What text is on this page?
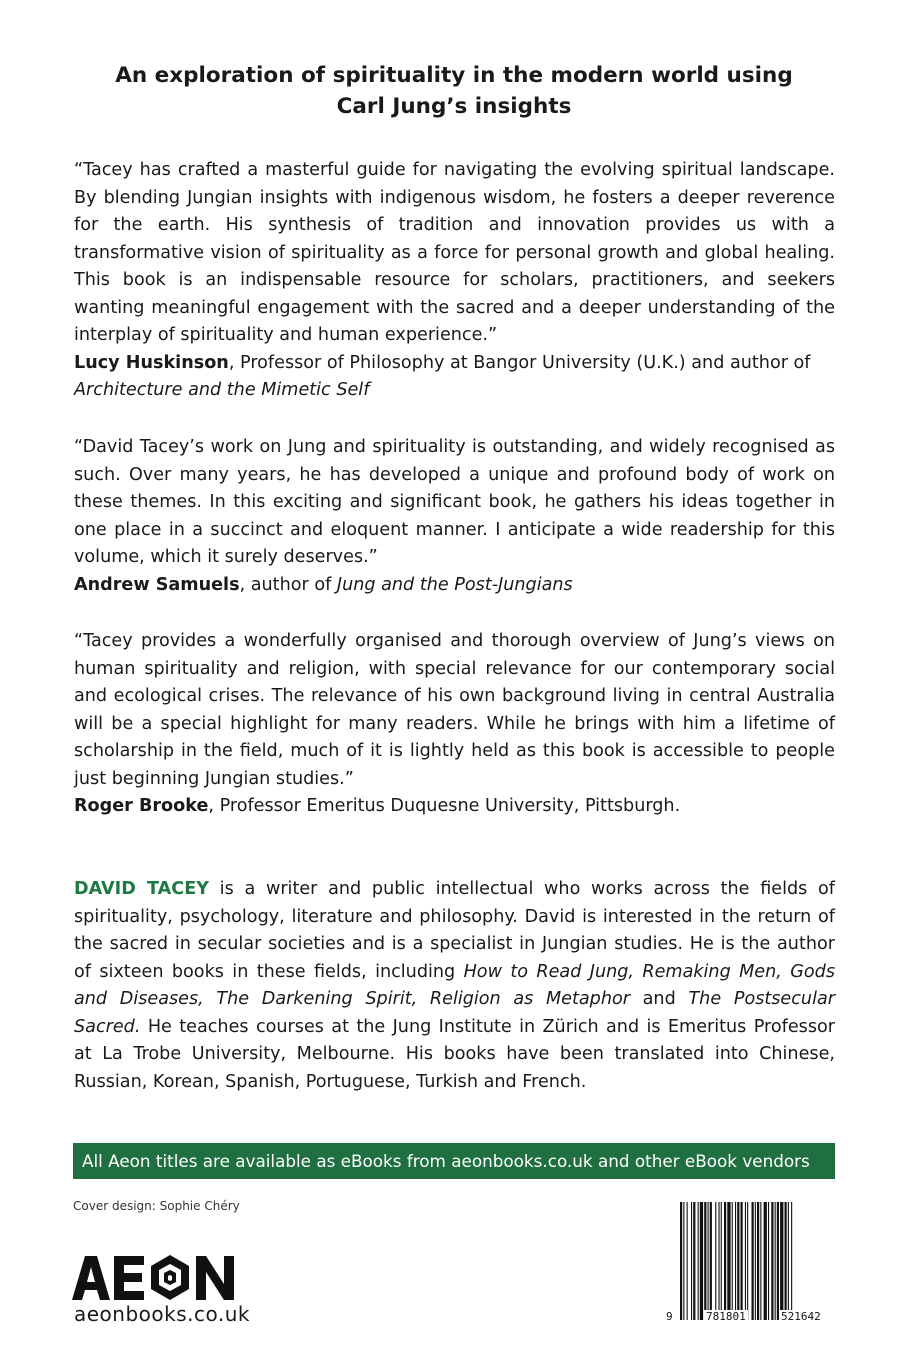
An exploration of spirituality in the modern world using
Carl Jung’s insights

“Tacey has crafted a masterful guide for navigating the evolving spiritual landscape. By blending Jungian insights with indigenous wisdom, he fosters a deeper reverence for the earth. His synthesis of tradition and innovation provides us with a transformative vision of spirituality as a force for personal growth and global healing. This book is an indispensable resource for scholars, practitioners, and seekers wanting meaningful engagement with the sacred and a deeper understanding of the interplay of spirituality and human experience.”

Lucy Huskinson, Professor of Philosophy at Bangor University (U.K.) and author of Architecture and the Mimetic Self

“David Tacey’s work on Jung and spirituality is outstanding, and widely recognised as such. Over many years, he has developed a unique and profound body of work on these themes. In this exciting and significant book, he gathers his ideas together in one place in a succinct and eloquent manner. I anticipate a wide readership for this volume, which it surely deserves.”

Andrew Samuels, author of Jung and the Post-Jungians

“Tacey provides a wonderfully organised and thorough overview of Jung’s views on human spirituality and religion, with special relevance for our contemporary social and ecological crises. The relevance of his own background living in central Australia will be a special highlight for many readers. While he brings with him a lifetime of scholarship in the field, much of it is lightly held as this book is accessible to people just beginning Jungian studies.”

Roger Brooke, Professor Emeritus Duquesne University, Pittsburgh.

DAVID TACEY is a writer and public intellectual who works across the fields of spirituality, psychology, literature and philosophy. David is interested in the return of the sacred in secular societies and is a specialist in Jungian studies. He is the author of sixteen books in these fields, including How to Read Jung, Remaking Men, Gods and Diseases, The Darkening Spirit, Religion as Metaphor and The Postsecular Sacred. He teaches courses at the Jung Institute in Zürich and is Emeritus Professor at La Trobe University, Melbourne. His books have been translated into Chinese, Russian, Korean, Spanish, Portuguese, Turkish and French.

All Aeon titles are available as eBooks from aeonbooks.co.uk and other eBook vendors
Cover design: Sophie Chéry
aeonbooks.co.uk	9	781801	521642
